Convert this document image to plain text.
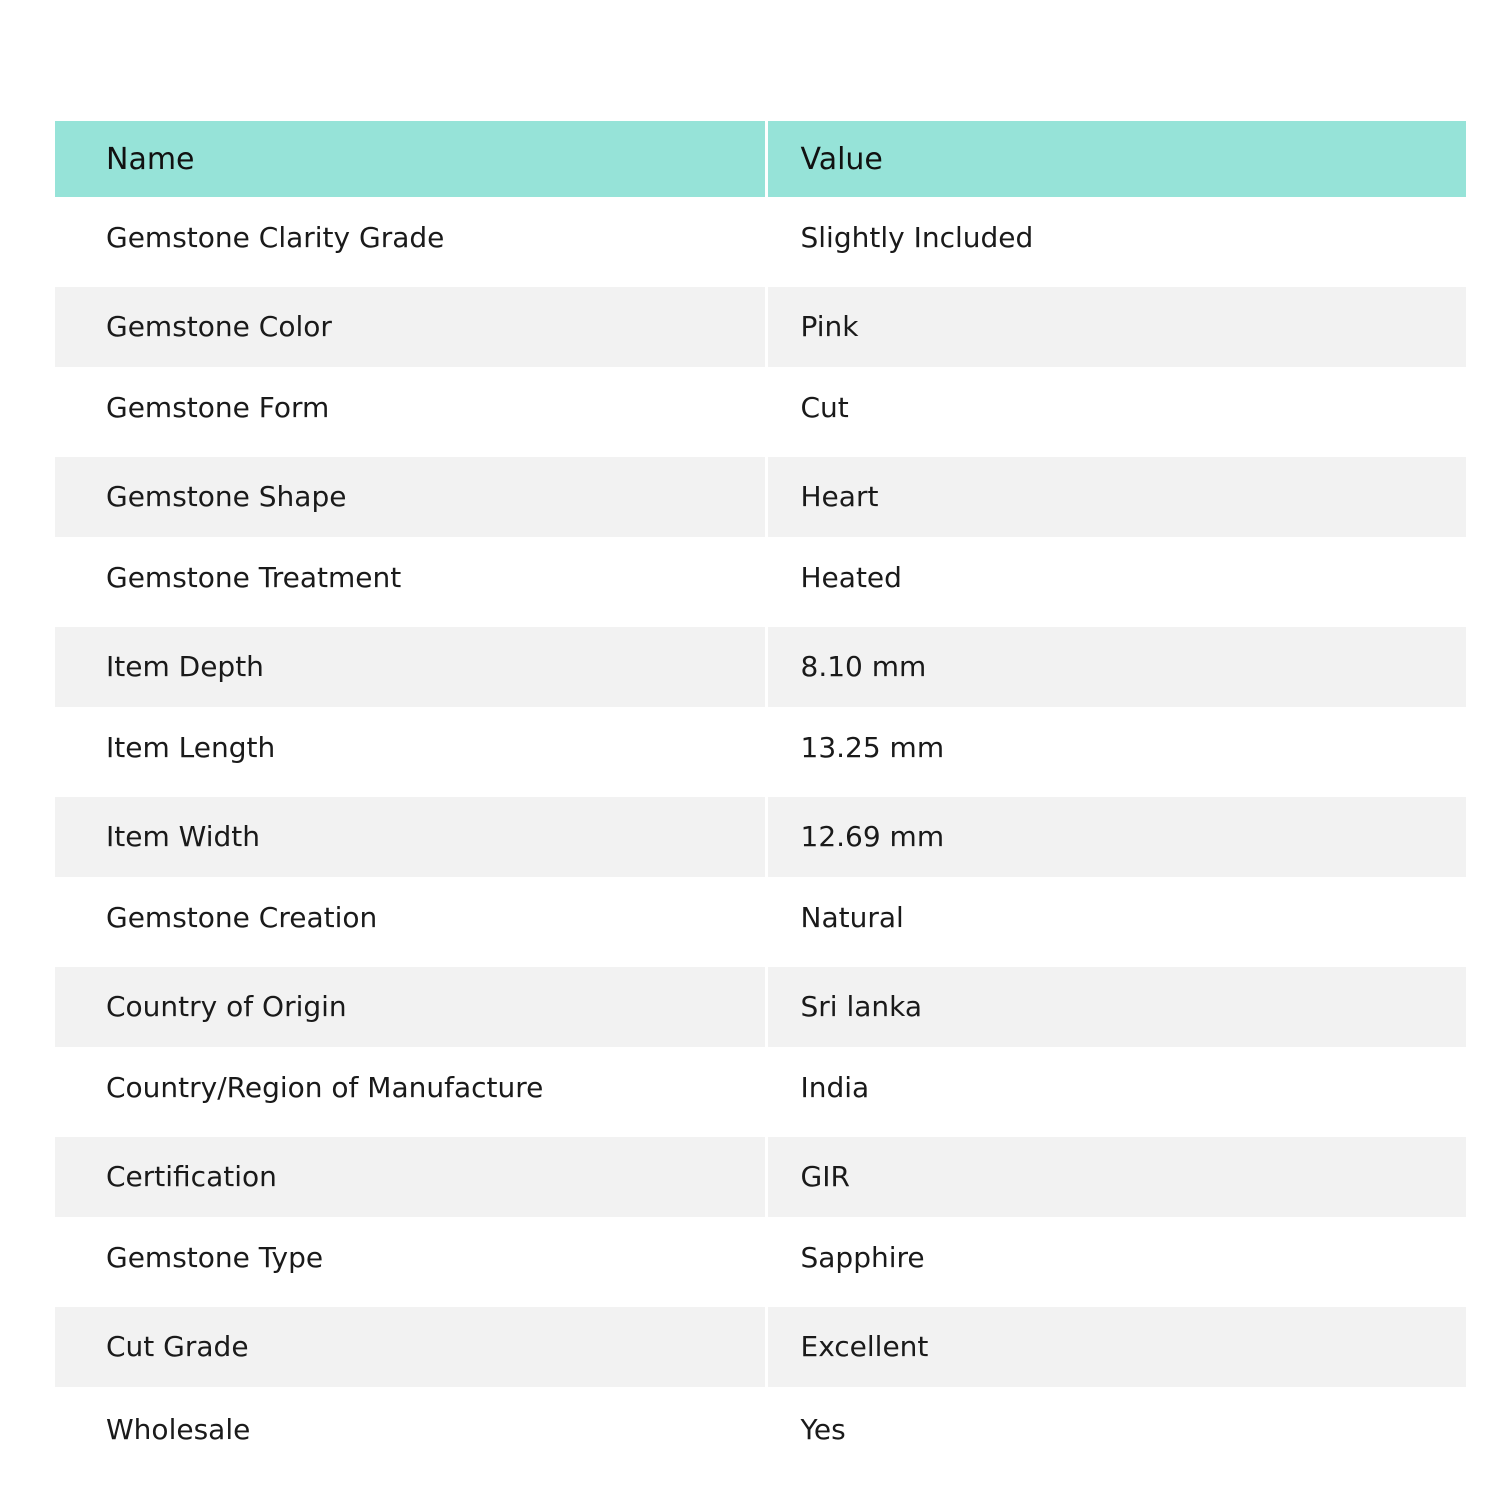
Name	Value
Gemstone Clarity Grade	Slightly Included
Gemstone Color	Pink
Gemstone Form	Cut
Gemstone Shape	Heart
Gemstone Treatment	Heated
Item Depth	8.10 mm
Item Length	13.25 mm
Item Width	12.69 mm
Gemstone Creation	Natural
Country of Origin	Sri lanka
Country/Region of Manufacture	India
Certification	GIR
Gemstone Type	Sapphire
Cut Grade	Excellent
Wholesale	Yes
